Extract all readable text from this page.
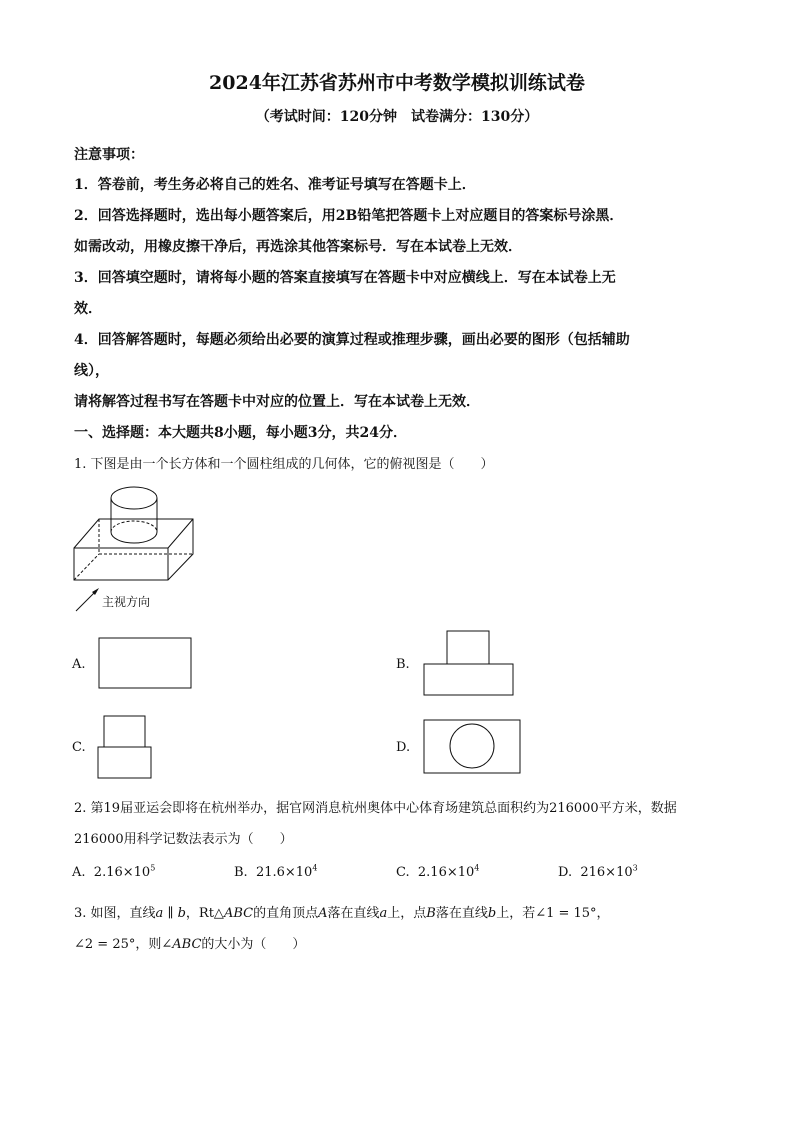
2024年江苏省苏州市中考数学模拟训练试卷
（考试时间：120分钟　试卷满分：130分）
注意事项：
1．答卷前，考生务必将自己的姓名、准考证号填写在答题卡上．
2．回答选择题时，选出每小题答案后，用2B铅笔把答题卡上对应题目的答案标号涂黑．
如需改动，用橡皮擦干净后，再选涂其他答案标号．写在本试卷上无效．
3．回答填空题时，请将每小题的答案直接填写在答题卡中对应横线上．写在本试卷上无
效．
4．回答解答题时，每题必须给出必要的演算过程或推理步骤，画出必要的图形（包括辅助
线），
请将解答过程书写在答题卡中对应的位置上．写在本试卷上无效．
一、选择题：本大题共8小题，每小题3分，共24分．
1. 下图是由一个长方体和一个圆柱组成的几何体，它的俯视图是（　　）
主视方向
A.	B.
C.	D.
2. 第19届亚运会即将在杭州举办，据官网消息杭州奥体中心体育场建筑总面积约为216000平方米，数据
216000用科学记数法表示为（　　）
A. $2.16\times 10^5$	B. $21.6\times 10^4$	C. $2.16\times 10^4$	D. $216\times 10^3$
3. 如图，直线a ∥ b，Rt△ABC的直角顶点A落在直线a上，点B落在直线b上，若∠1 = 15°，
∠2 = 25°，则∠ABC的大小为（　　）
